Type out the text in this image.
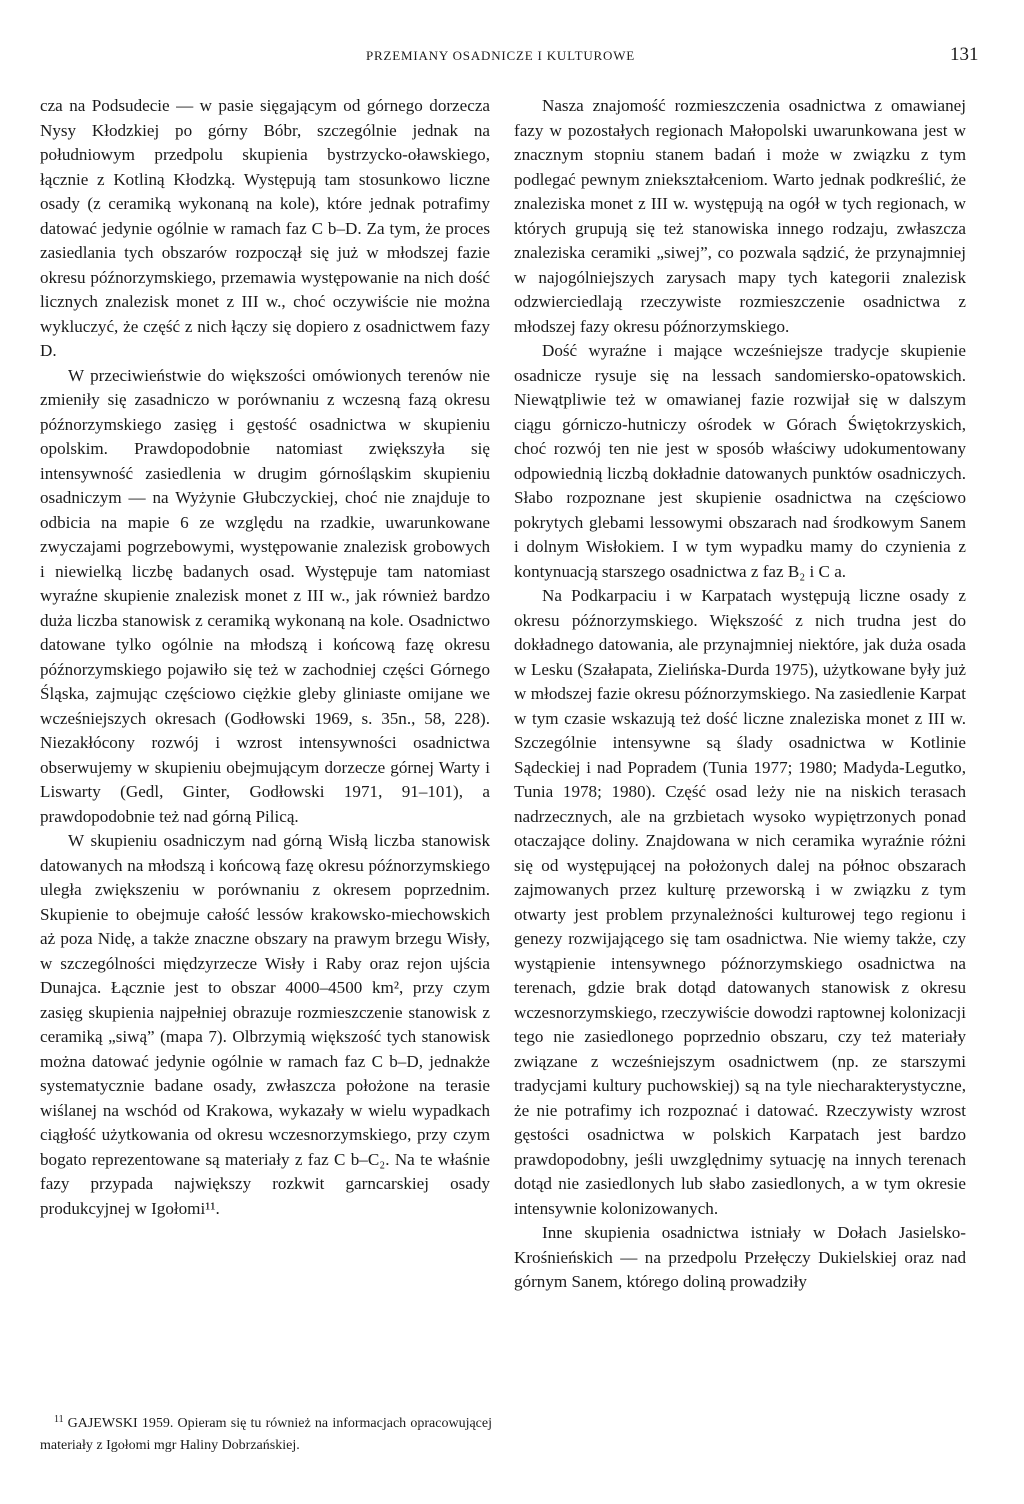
PRZEMIANY OSADNICZE I KULTUROWE	131

cza na Podsudecie — w pasie sięgającym od górnego dorzecza Nysy Kłodzkiej po górny Bóbr, szczególnie jednak na południowym przedpolu skupienia bystrzycko-oławskiego, łącznie z Kotliną Kłodzką. Występują tam stosunkowo liczne osady (z ceramiką wykonaną na kole), które jednak potrafimy datować jedynie ogólnie w ramach faz C b–D. Za tym, że proces zasiedlania tych obszarów rozpoczął się już w młodszej fazie okresu późnorzymskiego, przemawia występowanie na nich dość licznych znalezisk monet z III w., choć oczywiście nie można wykluczyć, że część z nich łączy się dopiero z osadnictwem fazy D.

W przeciwieństwie do większości omówionych terenów nie zmieniły się zasadniczo w porównaniu z wczesną fazą okresu późnorzymskiego zasięg i gęstość osadnictwa w skupieniu opolskim. Prawdopodobnie natomiast zwiększyła się intensywność zasiedlenia w drugim górnośląskim skupieniu osadniczym — na Wyżynie Głubczyckiej, choć nie znajduje to odbicia na mapie 6 ze względu na rzadkie, uwarunkowane zwyczajami pogrzebowymi, występowanie znalezisk grobowych i niewielką liczbę badanych osad. Występuje tam natomiast wyraźne skupienie znalezisk monet z III w., jak również bardzo duża liczba stanowisk z ceramiką wykonaną na kole. Osadnictwo datowane tylko ogólnie na młodszą i końcową fazę okresu późnorzymskiego pojawiło się też w zachodniej części Górnego Śląska, zajmując częściowo ciężkie gleby gliniaste omijane we wcześniejszych okresach (Godłowski 1969, s. 35n., 58, 228). Niezakłócony rozwój i wzrost intensywności osadnictwa obserwujemy w skupieniu obejmującym dorzecze górnej Warty i Liswarty (Gedl, Ginter, Godłowski 1971, 91–101), a prawdopodobnie też nad górną Pilicą.

W skupieniu osadniczym nad górną Wisłą liczba stanowisk datowanych na młodszą i końcową fazę okresu późnorzymskiego uległa zwiększeniu w porównaniu z okresem poprzednim. Skupienie to obejmuje całość lessów krakowsko-miechowskich aż poza Nidę, a także znaczne obszary na prawym brzegu Wisły, w szczególności międzyrzecze Wisły i Raby oraz rejon ujścia Dunajca. Łącznie jest to obszar 4000–4500 km², przy czym zasięg skupienia najpełniej obrazuje rozmieszczenie stanowisk z ceramiką „siwą” (mapa 7). Olbrzymią większość tych stanowisk można datować jedynie ogólnie w ramach faz C b–D, jednakże systematycznie badane osady, zwłaszcza położone na terasie wiślanej na wschód od Krakowa, wykazały w wielu wypadkach ciągłość użytkowania od okresu wczesnorzymskiego, przy czym bogato reprezentowane są materiały z faz C b–C₂. Na te właśnie fazy przypada największy rozkwit garncarskiej osady produkcyjnej w Igołomi¹¹.

Nasza znajomość rozmieszczenia osadnictwa z omawianej fazy w pozostałych regionach Małopolski uwarunkowana jest w znacznym stopniu stanem badań i może w związku z tym podlegać pewnym zniekształceniom. Warto jednak podkreślić, że znaleziska monet z III w. występują na ogół w tych regionach, w których grupują się też stanowiska innego rodzaju, zwłaszcza znaleziska ceramiki „siwej”, co pozwala sądzić, że przynajmniej w najogólniejszych zarysach mapy tych kategorii znalezisk odzwierciedlają rzeczywiste rozmieszczenie osadnictwa z młodszej fazy okresu późnorzymskiego.

Dość wyraźne i mające wcześniejsze tradycje skupienie osadnicze rysuje się na lessach sandomiersko-opatowskich. Niewątpliwie też w omawianej fazie rozwijał się w dalszym ciągu górniczo-hutniczy ośrodek w Górach Świętokrzyskich, choć rozwój ten nie jest w sposób właściwy udokumentowany odpowiednią liczbą dokładnie datowanych punktów osadniczych. Słabo rozpoznane jest skupienie osadnictwa na częściowo pokrytych glebami lessowymi obszarach nad środkowym Sanem i dolnym Wisłokiem. I w tym wypadku mamy do czynienia z kontynuacją starszego osadnictwa z faz B₂ i C a.

Na Podkarpaciu i w Karpatach występują liczne osady z okresu późnorzymskiego. Większość z nich trudna jest do dokładnego datowania, ale przynajmniej niektóre, jak duża osada w Lesku (Szałapata, Zielińska-Durda 1975), użytkowane były już w młodszej fazie okresu późnorzymskiego. Na zasiedlenie Karpat w tym czasie wskazują też dość liczne znaleziska monet z III w. Szczególnie intensywne są ślady osadnictwa w Kotlinie Sądeckiej i nad Popradem (Tunia 1977; 1980; Madyda-Legutko, Tunia 1978; 1980). Część osad leży nie na niskich terasach nadrzecznych, ale na grzbietach wysoko wypiętrzonych ponad otaczające doliny. Znajdowana w nich ceramika wyraźnie różni się od występującej na położonych dalej na północ obszarach zajmowanych przez kulturę przeworską i w związku z tym otwarty jest problem przynależności kulturowej tego regionu i genezy rozwijającego się tam osadnictwa. Nie wiemy także, czy wystąpienie intensywnego późnorzymskiego osadnictwa na terenach, gdzie brak dotąd datowanych stanowisk z okresu wczesnorzymskiego, rzeczywiście dowodzi raptownej kolonizacji tego nie zasiedlonego poprzednio obszaru, czy też materiały związane z wcześniejszym osadnictwem (np. ze starszymi tradycjami kultury puchowskiej) są na tyle niecharakterystyczne, że nie potrafimy ich rozpoznać i datować. Rzeczywisty wzrost gęstości osadnictwa w polskich Karpatach jest bardzo prawdopodobny, jeśli uwzględnimy sytuację na innych terenach dotąd nie zasiedlonych lub słabo zasiedlonych, a w tym okresie intensywnie kolonizowanych.

Inne skupienia osadnictwa istniały w Dołach Jasielsko-Krośnieńskich — na przedpolu Przełęczy Dukielskiej oraz nad górnym Sanem, którego doliną prowadziły

11 GAJEWSKI 1959. Opieram się tu również na informacjach opracowującej materiały z Igołomi mgr Haliny Dobrzańskiej.
